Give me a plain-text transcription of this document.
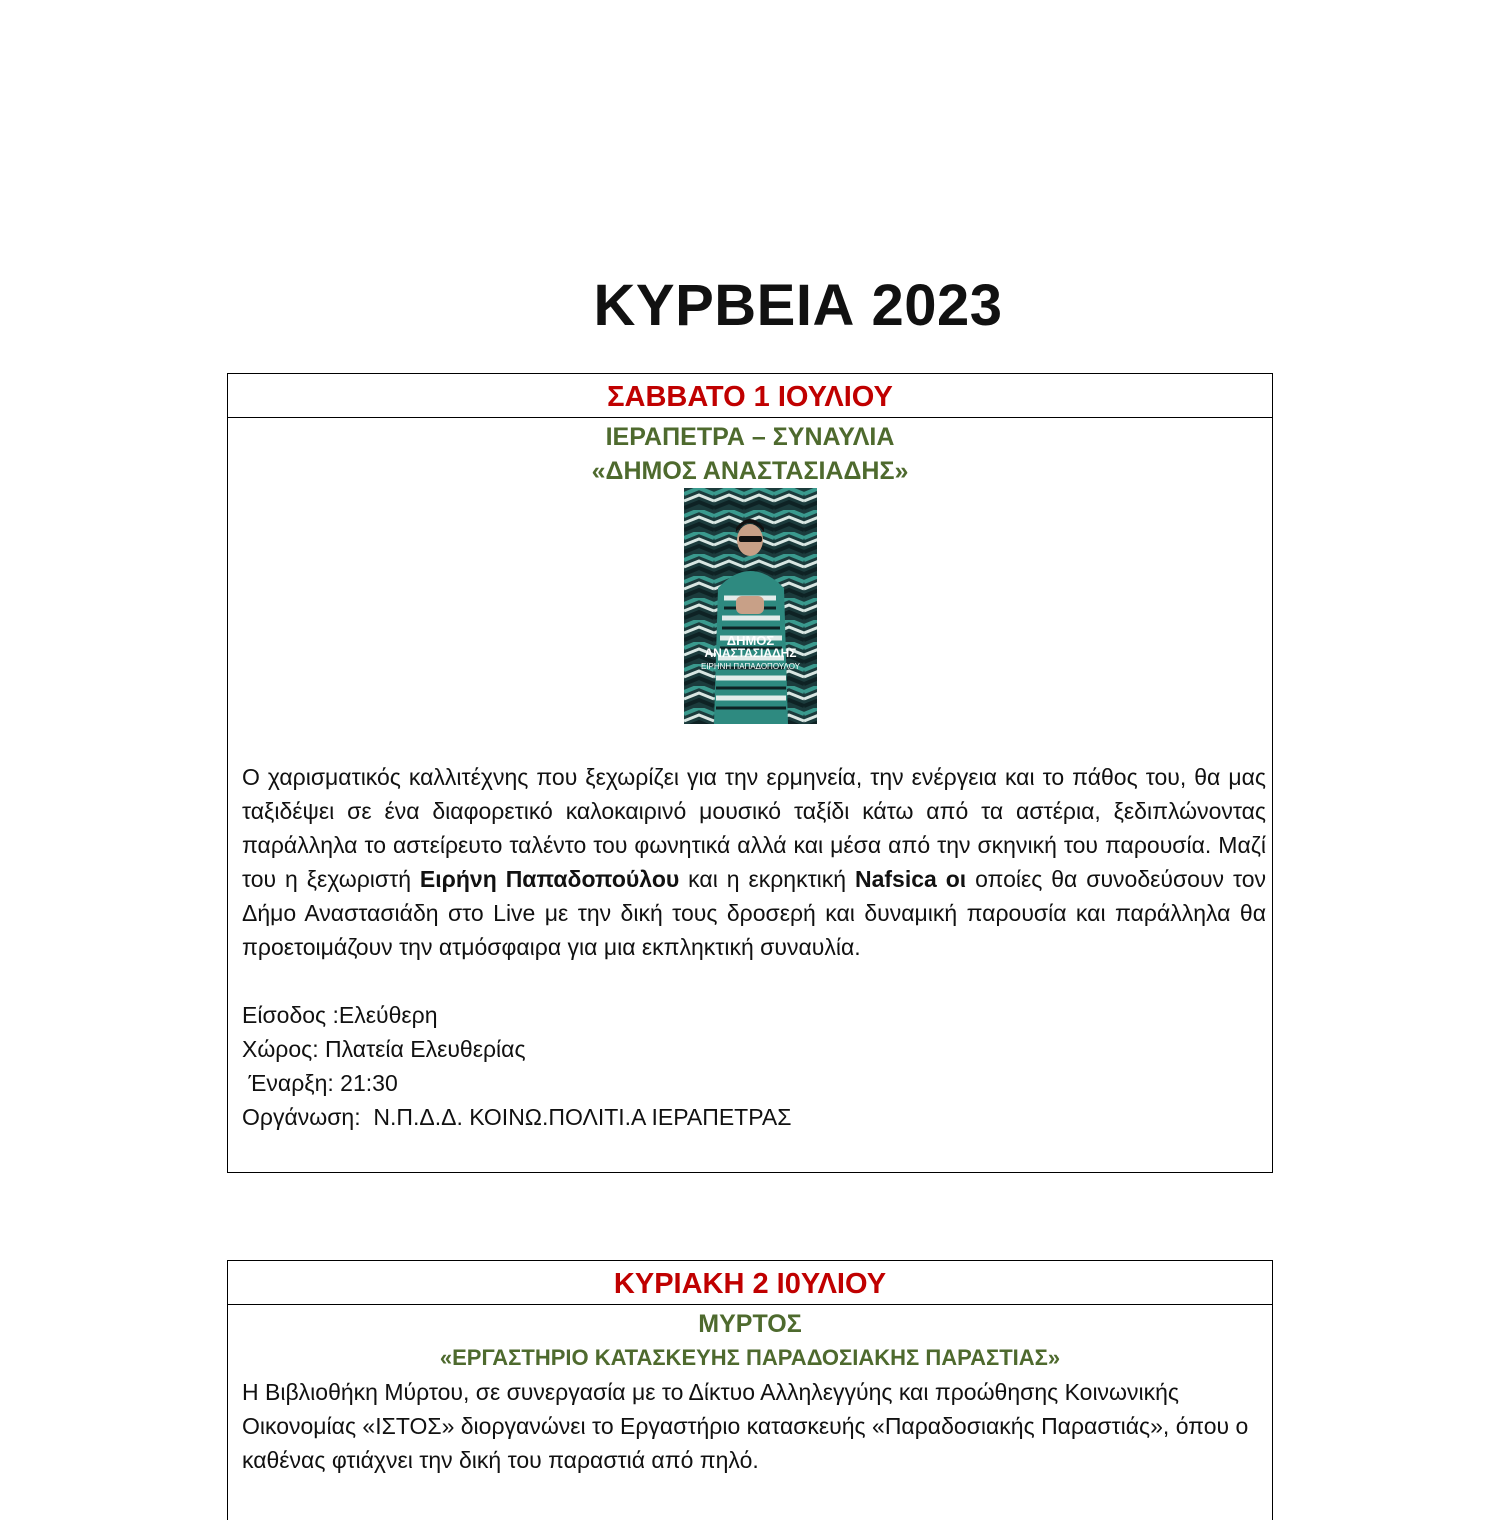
ΚΥΡΒΕΙΑ 2023
ΣΑΒΒΑΤΟ 1 ΙΟΥΛΙΟΥ
ΙΕΡΑΠΕΤΡΑ – ΣΥΝΑΥΛΙΑ
«ΔΗΜΟΣ ΑΝΑΣΤΑΣΙΑΔΗΣ»
ΔΗΜΟΣ
ΑΝΑΣΤΑΣΙΑΔΗΣ
ΕΙΡΗΝΗ ΠΑΠΑΔΟΠΟΥΛΟΥ
Ο χαρισματικός καλλιτέχνης που ξεχωρίζει για την ερμηνεία, την ενέργεια και το πάθος του, θα μας ταξιδέψει σε ένα διαφορετικό καλοκαιρινό μουσικό ταξίδι κάτω από τα αστέρια, ξεδιπλώνοντας παράλληλα το αστείρευτο ταλέντο του φωνητικά αλλά και μέσα από την σκηνική του παρουσία. Μαζί του η ξεχωριστή Ειρήνη Παπαδοπούλου και η εκρηκτική Nafsica οι οποίες θα συνοδεύσουν τον Δήμο Αναστασιάδη στο Live με την δική τους δροσερή και δυναμική παρουσία και παράλληλα θα προετοιμάζουν την ατμόσφαιρα για μια εκπληκτική συναυλία.
Είσοδος :Ελεύθερη
Χώρος: Πλατεία Ελευθερίας
Έναρξη: 21:30
Οργάνωση:  Ν.Π.Δ.Δ. ΚΟΙΝΩ.ΠΟΛΙΤΙ.Α ΙΕΡΑΠΕΤΡΑΣ
ΚΥΡΙΑΚΗ 2 Ι0ΥΛΙΟΥ
ΜΥΡΤΟΣ
«ΕΡΓΑΣΤΗΡΙΟ ΚΑΤΑΣΚΕΥΗΣ ΠΑΡΑΔΟΣΙΑΚΗΣ ΠΑΡΑΣΤΙΑΣ»
Η Βιβλιοθήκη Μύρτου, σε συνεργασία με το Δίκτυο Αλληλεγγύης και προώθησης Κοινωνικής Οικονομίας «ΙΣΤΟΣ» διοργανώνει το Εργαστήριο κατασκευής «Παραδοσιακής Παραστιάς», όπου ο καθένας φτιάχνει την δική του παραστιά από πηλό.
